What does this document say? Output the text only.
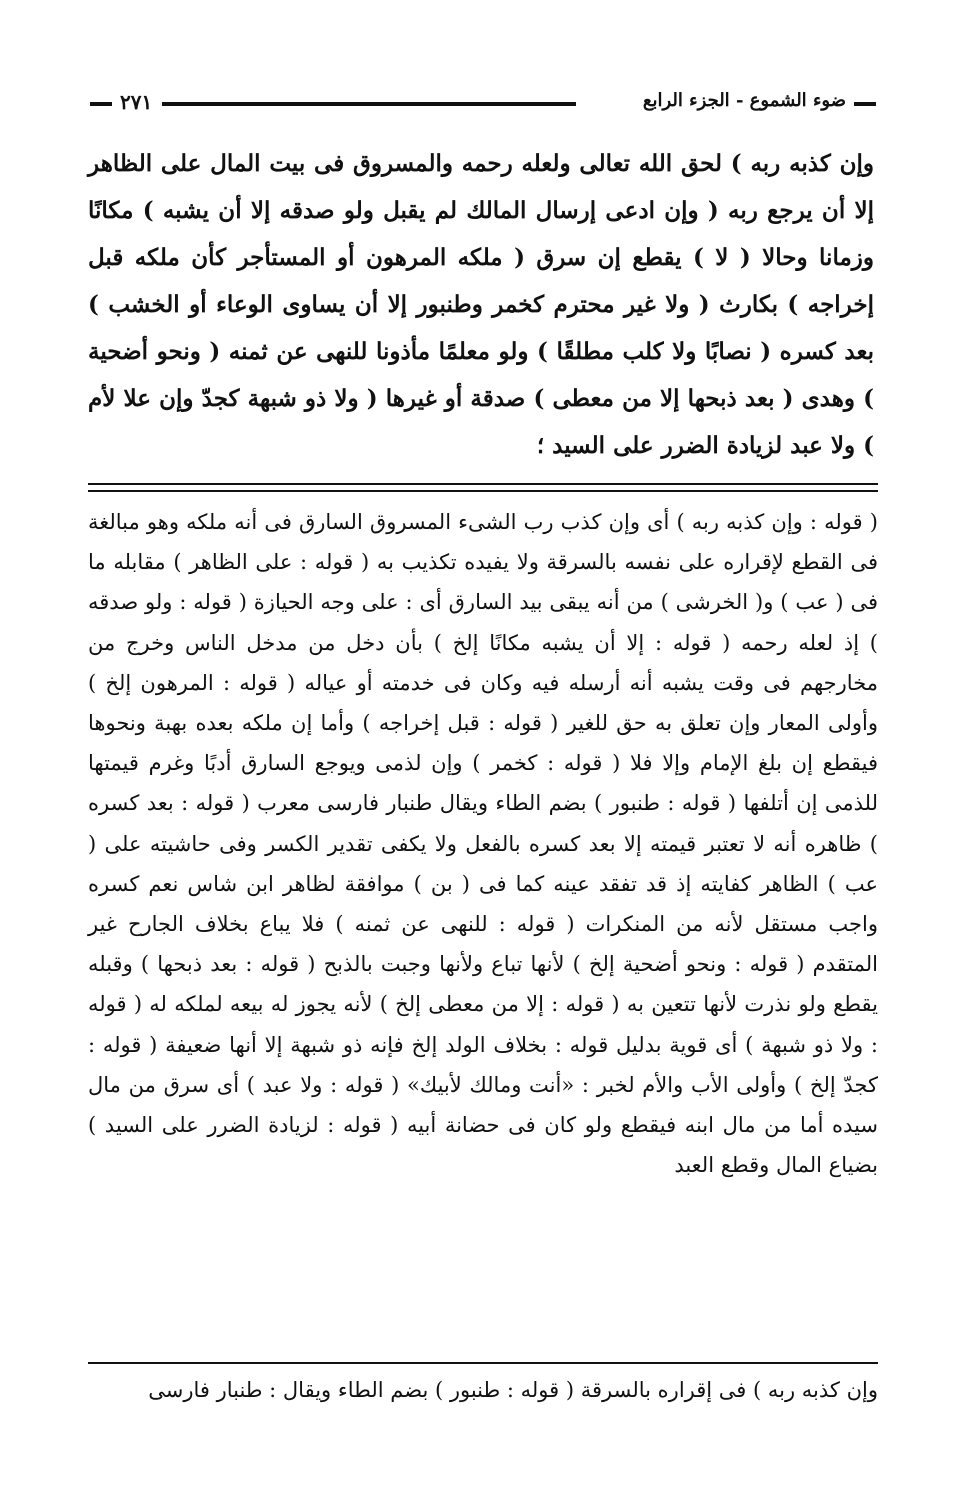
٢٧١	ضوء الشموع - الجزء الرابع

وإن كذبه ربه ) لحق الله تعالى ولعله رحمه والمسروق فى بيت المال على الظاهر إلا أن يرجع ربه ( وإن ادعى إرسال المالك لم يقبل ولو صدقه إلا أن يشبه ) مكانًا وزمانا وحالا ( لا ) يقطع إن سرق ( ملكه المرهون أو المستأجر كأن ملكه قبل إخراجه ) بكارث ( ولا غير محترم كخمر وطنبور إلا أن يساوى الوعاء أو الخشب ) بعد كسره ( نصابًا ولا كلب مطلقًا ) ولو معلمًا مأذونا للنهى عن ثمنه ( ونحو أضحية ) وهدى ( بعد ذبحها إلا من معطى ) صدقة أو غيرها ( ولا ذو شبهة كجدّ وإن علا لأم ) ولا عبد لزيادة الضرر على السيد ؛

( قوله : وإن كذبه ربه ) أى وإن كذب رب الشىء المسروق السارق فى أنه ملكه وهو مبالغة فى القطع لإقراره على نفسه بالسرقة ولا يفيده تكذيب به ( قوله : على الظاهر ) مقابله ما فى ( عب ) و( الخرشى ) من أنه يبقى بيد السارق أى : على وجه الحيازة ( قوله : ولو صدقه ) إذ لعله رحمه ( قوله : إلا أن يشبه مكانًا إلخ ) بأن دخل من مدخل الناس وخرج من مخارجهم فى وقت يشبه أنه أرسله فيه وكان فى خدمته أو عياله ( قوله : المرهون إلخ ) وأولى المعار وإن تعلق به حق للغير ( قوله : قبل إخراجه ) وأما إن ملكه بعده بهبة ونحوها فيقطع إن بلغ الإمام وإلا فلا ( قوله : كخمر ) وإن لذمى ويوجع السارق أدبًا وغرم قيمتها للذمى إن أتلفها ( قوله : طنبور ) بضم الطاء ويقال طنبار فارسى معرب ( قوله : بعد كسره ) ظاهره أنه لا تعتبر قيمته إلا بعد كسره بالفعل ولا يكفى تقدير الكسر وفى حاشيته على ( عب ) الظاهر كفايته إذ قد تفقد عينه كما فى ( بن ) موافقة لظاهر ابن شاس نعم كسره واجب مستقل لأنه من المنكرات ( قوله : للنهى عن ثمنه ) فلا يباع بخلاف الجارح غير المتقدم ( قوله : ونحو أضحية إلخ ) لأنها تباع ولأنها وجبت بالذبح ( قوله : بعد ذبحها ) وقبله يقطع ولو نذرت لأنها تتعين به ( قوله : إلا من معطى إلخ ) لأنه يجوز له بيعه لملكه له ( قوله : ولا ذو شبهة ) أى قوية بدليل قوله : بخلاف الولد إلخ فإنه ذو شبهة إلا أنها ضعيفة ( قوله : كجدّ إلخ ) وأولى الأب والأم لخبر : «أنت ومالك لأبيك» ( قوله : ولا عبد ) أى سرق من مال سيده أما من مال ابنه فيقطع ولو كان فى حضانة أبيه ( قوله : لزيادة الضرر على السيد ) بضياع المال وقطع العبد

وإن كذبه ربه ) فى إقراره بالسرقة ( قوله : طنبور ) بضم الطاء ويقال : طنبار فارسى
